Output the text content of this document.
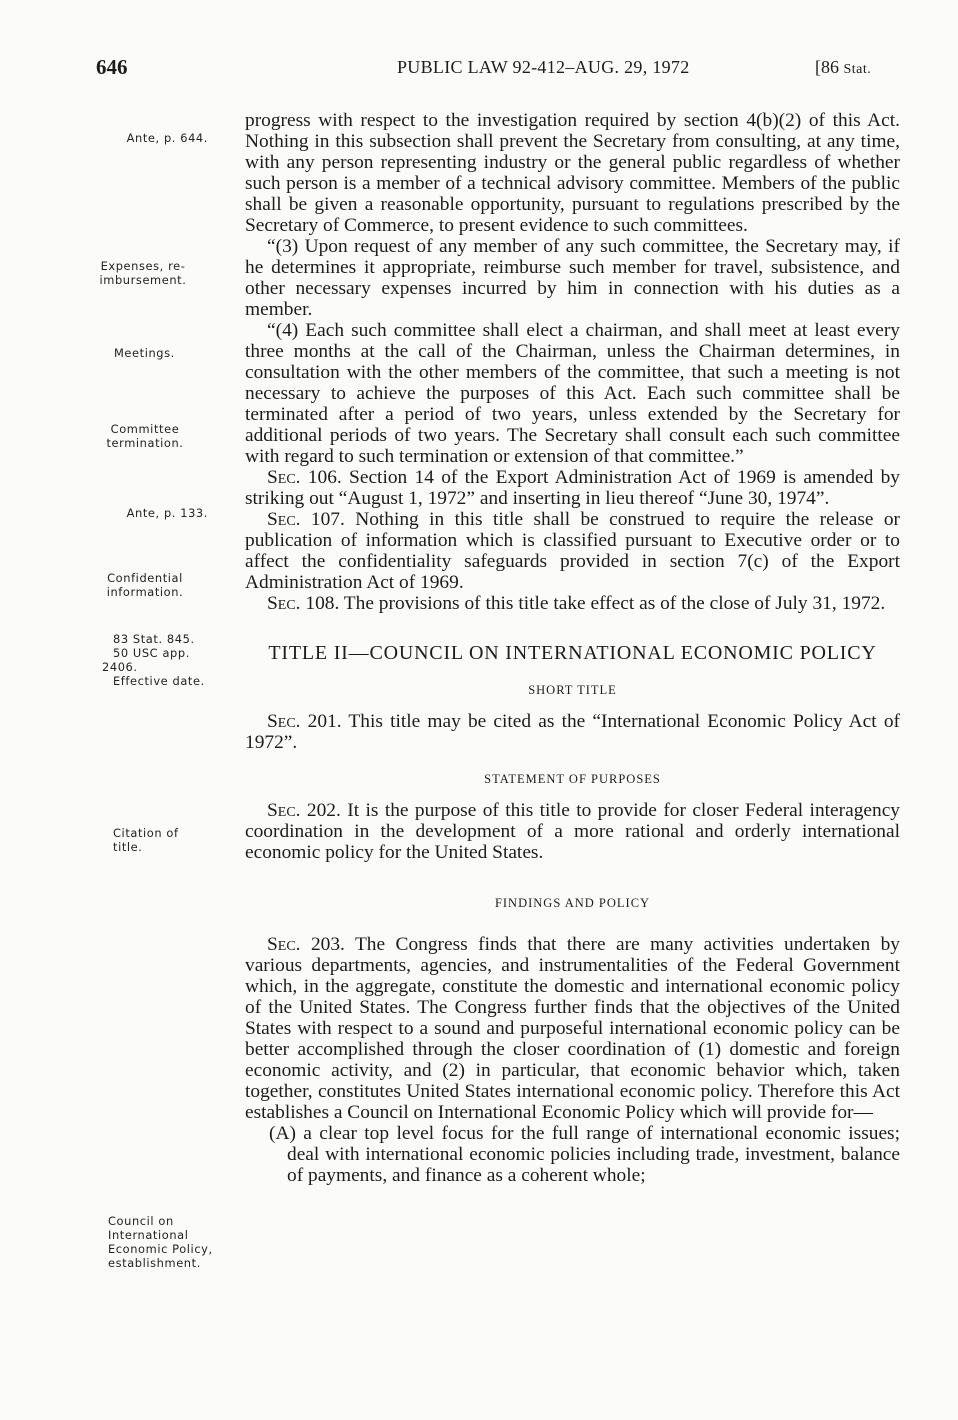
646	PUBLIC LAW 92-412–AUG. 29, 1972	[86 Stat.
Ante, p. 644.
Expenses, re-imbursement.
Meetings.
Committee termination.
Ante, p. 133.
Confidential information.
83 Stat. 845.
50 USC app.
2406.
Effective date.
Citation of title.
Council on International Economic Policy, establishment.

progress with respect to the investigation required by section 4(b)(2) of this Act. Nothing in this subsection shall prevent the Secretary from consulting, at any time, with any person representing industry or the general public regardless of whether such person is a member of a technical advisory committee. Members of the public shall be given a reasonable opportunity, pursuant to regulations prescribed by the Secretary of Commerce, to present evidence to such committees.

“(3) Upon request of any member of any such committee, the Secretary may, if he determines it appropriate, reimburse such member for travel, subsistence, and other necessary expenses incurred by him in connection with his duties as a member.

“(4) Each such committee shall elect a chairman, and shall meet at least every three months at the call of the Chairman, unless the Chairman determines, in consultation with the other members of the committee, that such a meeting is not necessary to achieve the purposes of this Act. Each such committee shall be terminated after a period of two years, unless extended by the Secretary for additional periods of two years. The Secretary shall consult each such committee with regard to such termination or extension of that committee.”

Sec. 106. Section 14 of the Export Administration Act of 1969 is amended by striking out “August 1, 1972” and inserting in lieu thereof “June 30, 1974”.

Sec. 107. Nothing in this title shall be construed to require the release or publication of information which is classified pursuant to Executive order or to affect the confidentiality safeguards provided in section 7(c) of the Export Administration Act of 1969.

Sec. 108. The provisions of this title take effect as of the close of July 31, 1972.

TITLE II—COUNCIL ON INTERNATIONAL ECONOMIC POLICY
SHORT TITLE

Sec. 201. This title may be cited as the “International Economic Policy Act of 1972”.

STATEMENT OF PURPOSES

Sec. 202. It is the purpose of this title to provide for closer Federal interagency coordination in the development of a more rational and orderly international economic policy for the United States.

FINDINGS AND POLICY

Sec. 203. The Congress finds that there are many activities undertaken by various departments, agencies, and instrumentalities of the Federal Government which, in the aggregate, constitute the domestic and international economic policy of the United States. The Congress further finds that the objectives of the United States with respect to a sound and purposeful international economic policy can be better accomplished through the closer coordination of (1) domestic and foreign economic activity, and (2) in particular, that economic behavior which, taken together, constitutes United States international economic policy. Therefore this Act establishes a Council on International Economic Policy which will provide for—

(A) a clear top level focus for the full range of international economic issues; deal with international economic policies including trade, investment, balance of payments, and finance as a coherent whole;
